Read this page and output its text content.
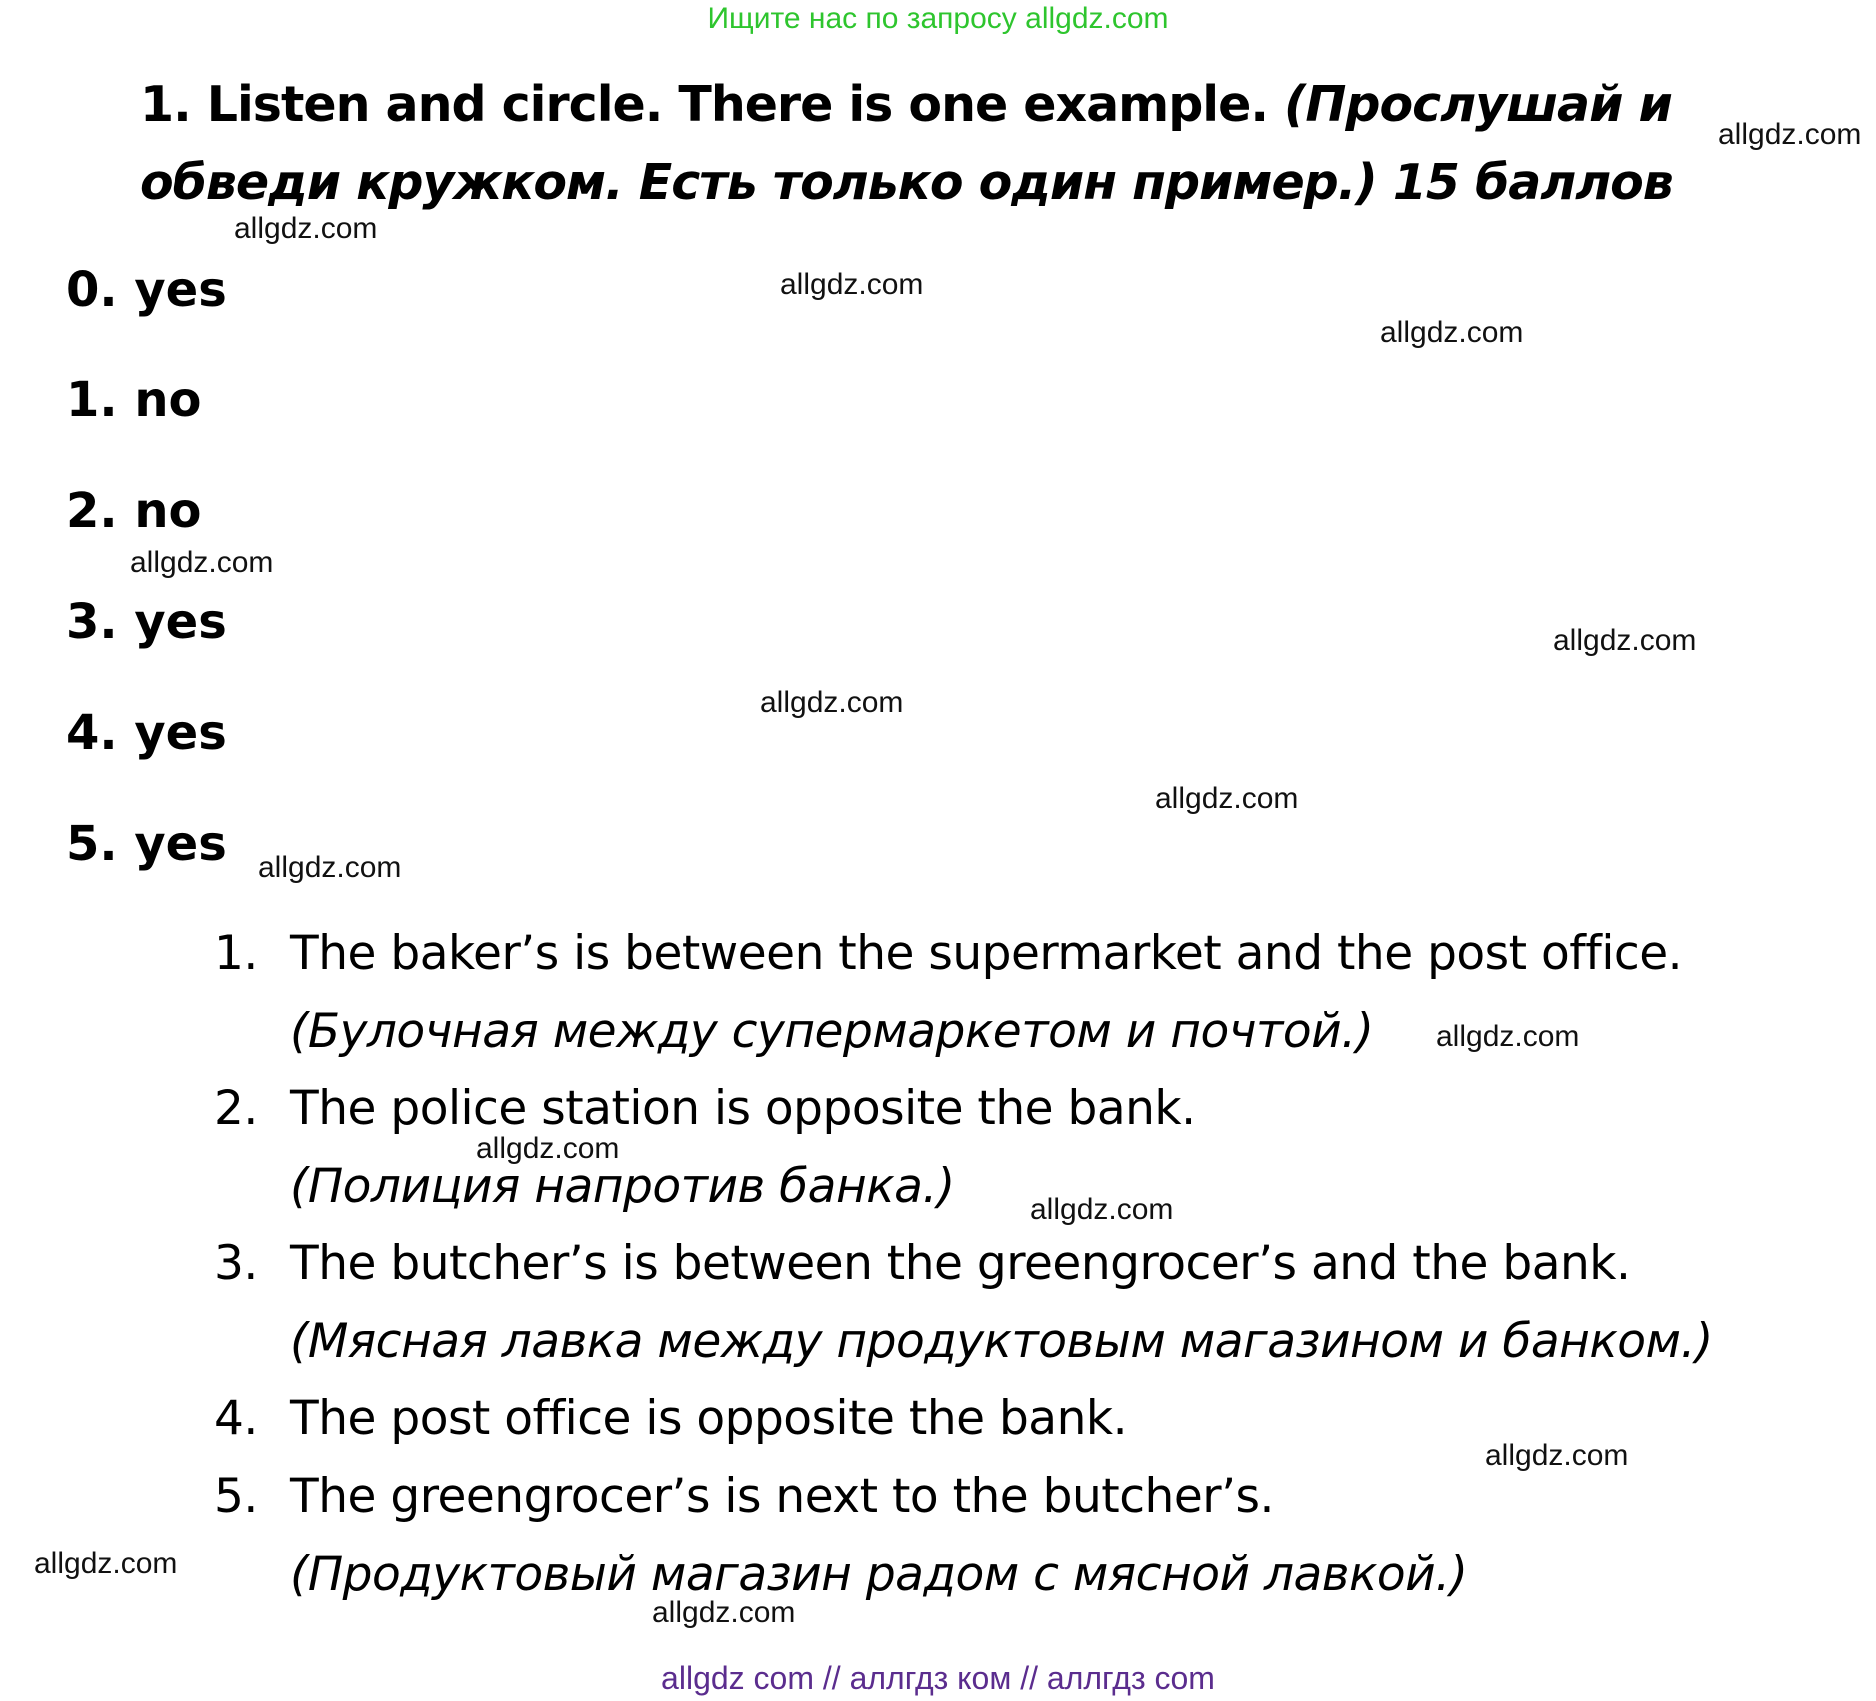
Ищите нас по запросу allgdz.com
1. Listen and circle. There is one example. (Прослушай и обведи кружком. Есть только один пример.) 15 баллов
0. yes
1. no
2. no
3. yes
4. yes
5. yes
1. The baker’s is between the supermarket and the post office.
(Булочная между супермаркетом и почтой.)
2. The police station is opposite the bank.
(Полиция напротив банка.)
3. The butcher’s is between the greengrocer’s and the bank.
(Мясная лавка между продуктовым магазином и банком.)
4. The post office is opposite the bank.
5. The greengrocer’s is next to the butcher’s.
(Продуктовый магазин радом с мясной лавкой.)
allgdz.com
allgdz.com
allgdz.com
allgdz.com
allgdz.com
allgdz.com
allgdz.com
allgdz.com
allgdz.com
allgdz.com
allgdz.com
allgdz.com
allgdz.com
allgdz.com
allgdz.com
allgdz com // аллгдз ком // аллгдз com
